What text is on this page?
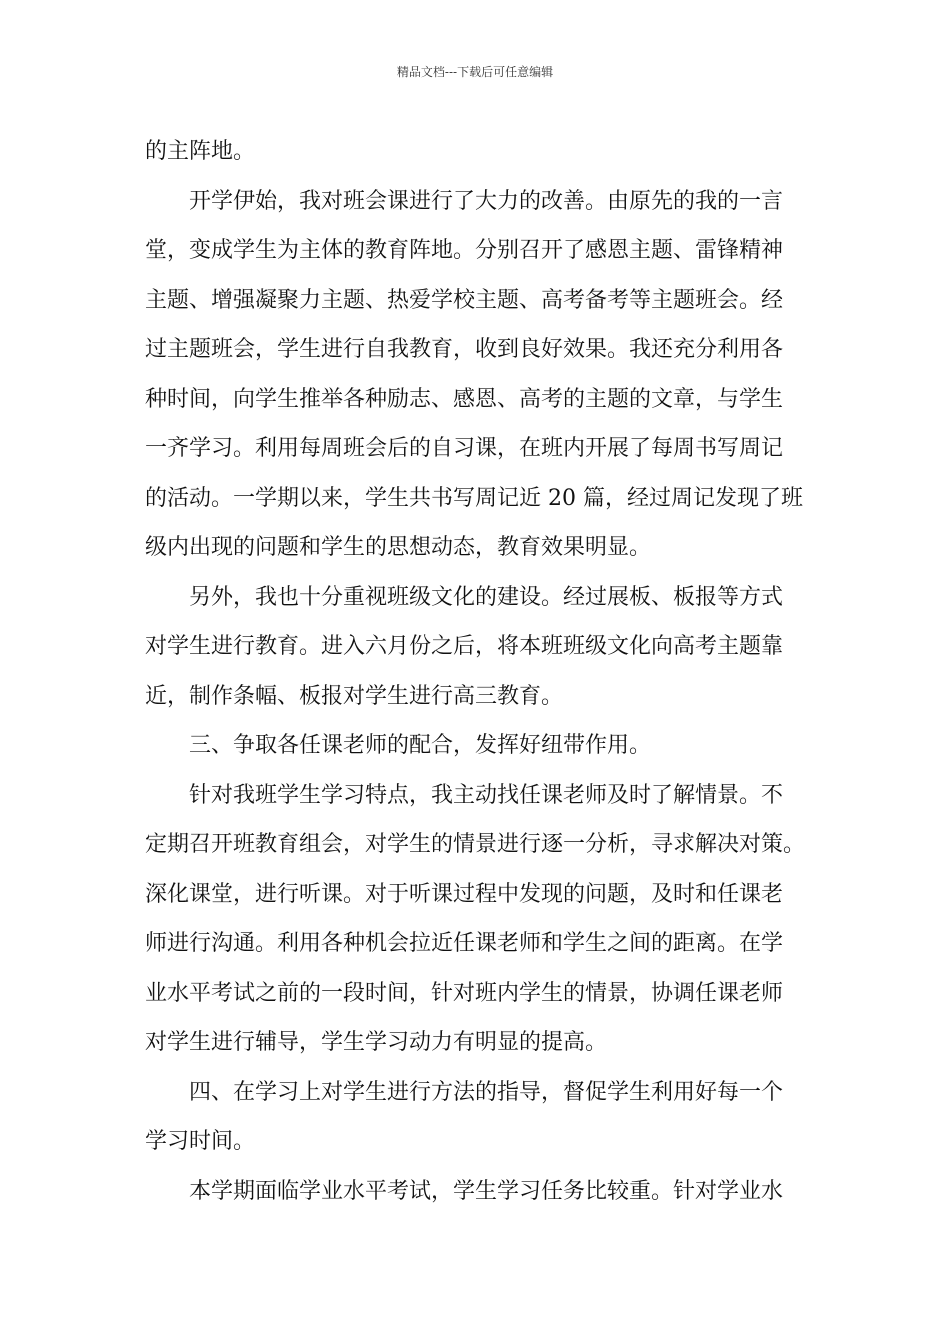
精品文档---下载后可任意编辑
的主阵地。
开学伊始，我对班会课进行了大力的改善。由原先的我的一言
堂，变成学生为主体的教育阵地。分别召开了感恩主题、雷锋精神
主题、增强凝聚力主题、热爱学校主题、高考备考等主题班会。经
过主题班会，学生进行自我教育，收到良好效果。我还充分利用各
种时间，向学生推举各种励志、感恩、高考的主题的文章，与学生
一齐学习。利用每周班会后的自习课，在班内开展了每周书写周记
的活动。一学期以来，学生共书写周记近 20 篇，经过周记发现了班
级内出现的问题和学生的思想动态，教育效果明显。
另外，我也十分重视班级文化的建设。经过展板、板报等方式
对学生进行教育。进入六月份之后，将本班班级文化向高考主题靠
近，制作条幅、板报对学生进行高三教育。
三、争取各任课老师的配合，发挥好纽带作用。
针对我班学生学习特点，我主动找任课老师及时了解情景。不
定期召开班教育组会，对学生的情景进行逐一分析，寻求解决对策。
深化课堂，进行听课。对于听课过程中发现的问题，及时和任课老
师进行沟通。利用各种机会拉近任课老师和学生之间的距离。在学
业水平考试之前的一段时间，针对班内学生的情景，协调任课老师
对学生进行辅导，学生学习动力有明显的提高。
四、在学习上对学生进行方法的指导，督促学生利用好每一个
学习时间。
本学期面临学业水平考试，学生学习任务比较重。针对学业水
